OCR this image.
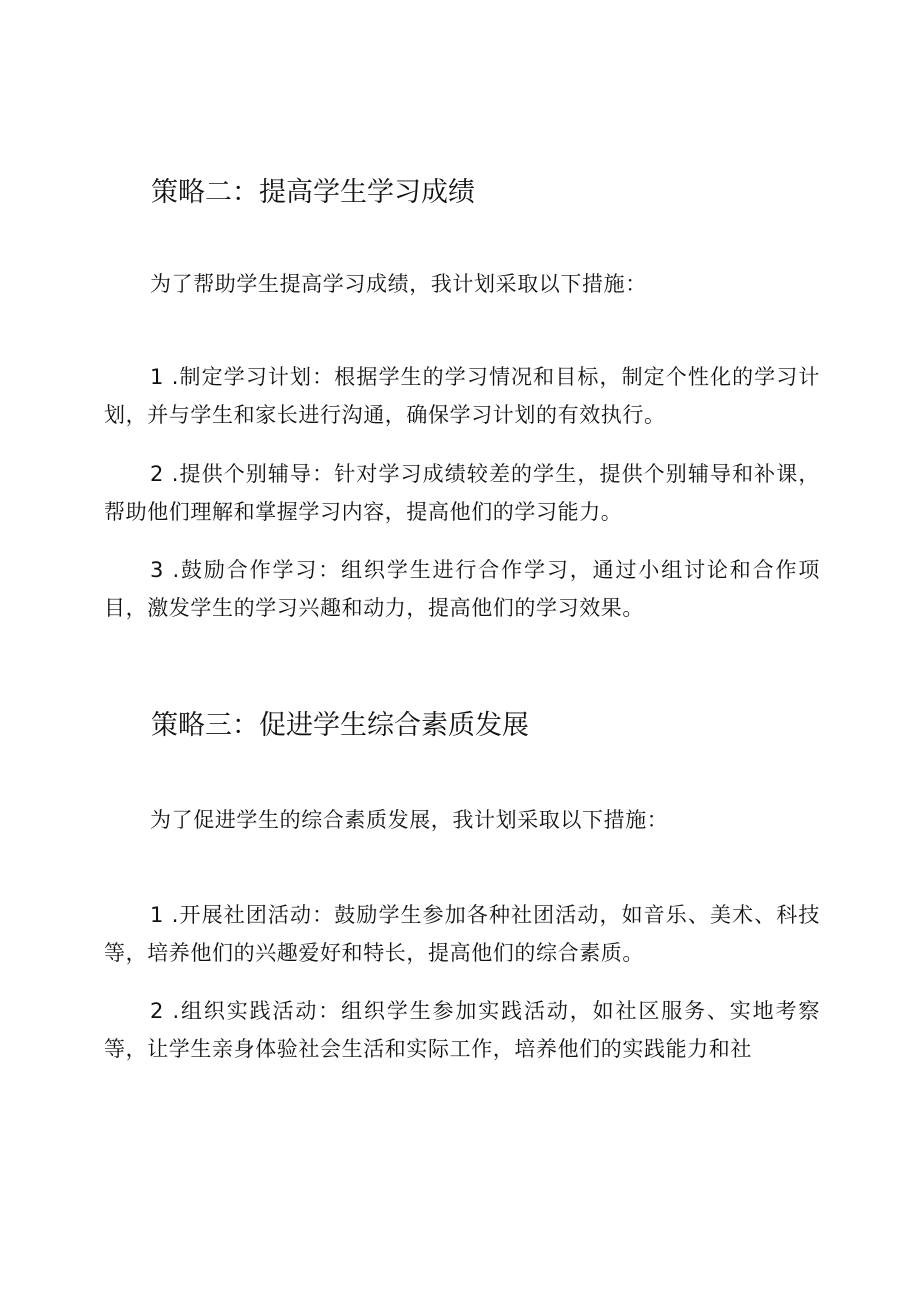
策略二：提高学生学习成绩
为了帮助学生提高学习成绩，我计划采取以下措施：
1 .制定学习计划：根据学生的学习情况和目标，制定个性化的学习计划，并与学生和家长进行沟通，确保学习计划的有效执行。
2 .提供个别辅导：针对学习成绩较差的学生，提供个别辅导和补课，帮助他们理解和掌握学习内容，提高他们的学习能力。
3 .鼓励合作学习：组织学生进行合作学习，通过小组讨论和合作项目，激发学生的学习兴趣和动力，提高他们的学习效果。
策略三：促进学生综合素质发展
为了促进学生的综合素质发展，我计划采取以下措施：
1 .开展社团活动：鼓励学生参加各种社团活动，如音乐、美术、科技等，培养他们的兴趣爱好和特长，提高他们的综合素质。
2 .组织实践活动：组织学生参加实践活动，如社区服务、实地考察等，让学生亲身体验社会生活和实际工作，培养他们的实践能力和社
